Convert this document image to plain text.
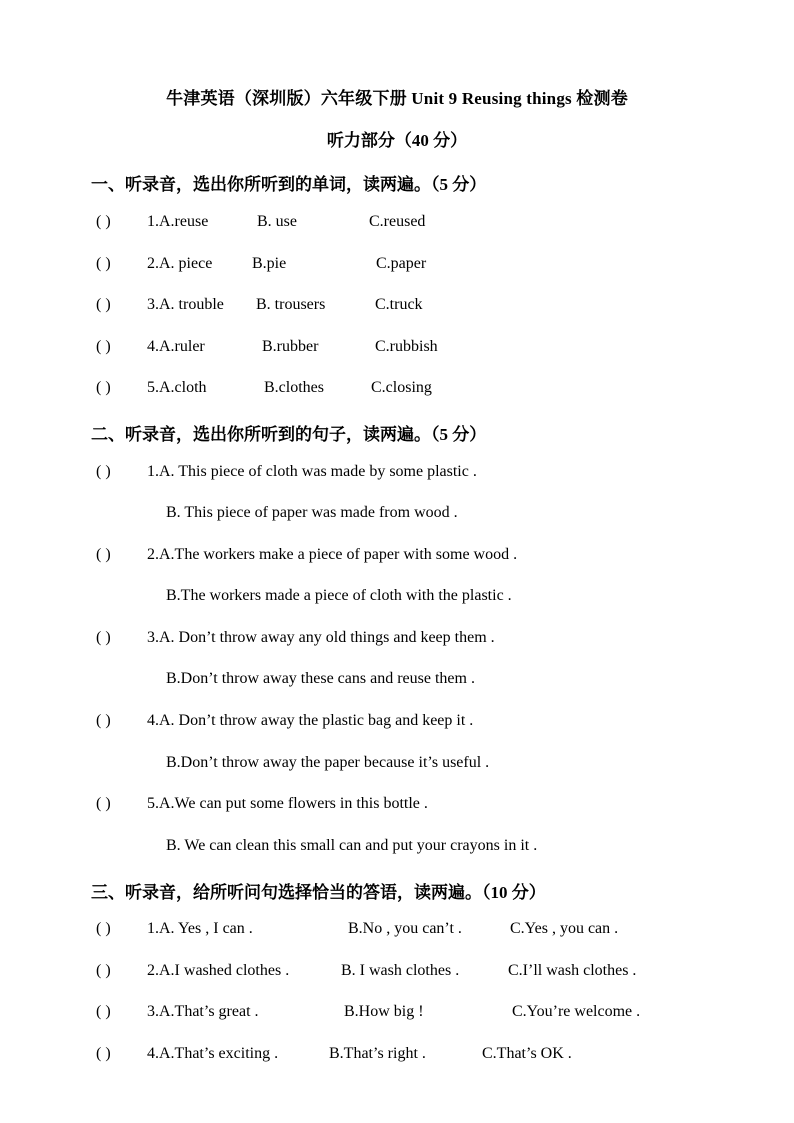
牛津英语（深圳版）六年级下册 Unit 9 Reusing things 检测卷
听力部分（40 分）
一、听录音，选出你所听到的单词，读两遍。（5 分）
( ) 1.A.reuse	B. use	C.reused
( ) 2.A. piece B.pie	C.paper
( ) 3.A. trouble B. trousers	C.truck
( ) 4.A.ruler	B.rubber	C.rubbish
( ) 5.A.cloth	B.clothes	C.closing
二、听录音，选出你所听到的句子，读两遍。（5 分）
( ) 1.A. This piece of cloth was made by some plastic .
B. This piece of paper was made from wood .
( ) 2.A.The workers make a piece of paper with some wood .
B.The workers made a piece of cloth with the plastic .
( ) 3.A. Don’t throw away any old things and keep them .
B.Don’t throw away these cans and reuse them .
( ) 4.A. Don’t throw away the plastic bag and keep it .
B.Don’t throw away the paper because it’s useful .
( ) 5.A.We can put some flowers in this bottle .
B. We can clean this small can and put your crayons in it .
三、听录音，给所听问句选择恰当的答语，读两遍。（10 分）
( ) 1.A. Yes , I can .	B.No , you can’t .	C.Yes , you can .
( ) 2.A.I washed clothes .	B. I wash clothes .	C.I’ll wash clothes .
( ) 3.A.That’s great .	B.How big !	C.You’re welcome .
( ) 4.A.That’s exciting .	B.That’s right .	C.That’s OK .
